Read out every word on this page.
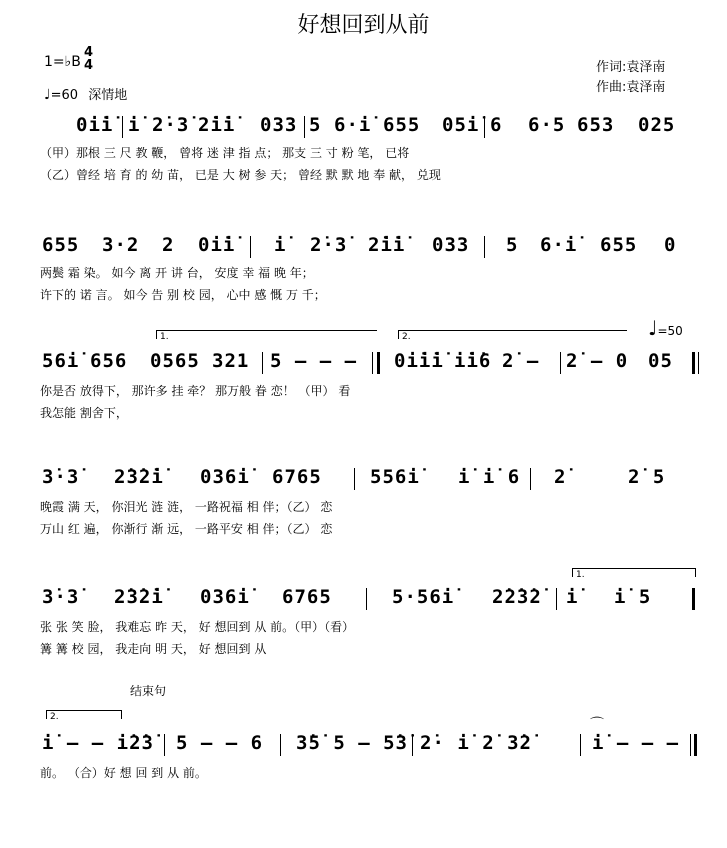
好想回到从前
1=♭B
4
4
♩=60 深情地
作词:袁泽南
作曲:袁泽南
0i̇i̇ i̇ 2̇·3̇ 2̇i̇i̇ 033 5 6·i̇ 655 05i̇ 6 6·5 653 025
（甲）那根 三 尺 教 鞭， 曾将 迷 津 指 点； 那支 三 寸 粉 笔， 已将
（乙）曾经 培 育 的 幼 苗， 已是 大 树 参 天； 曾经 默 默 地 奉 献， 兑现
655 3·2 2 0i̇i̇ i̇ 2̇·3̇ 2̇i̇i̇ 033 5 6·i̇ 655 0
两鬓 霜 染。 如今 离 开 讲 台， 安度 幸 福 晚 年；
许下的 诺 言。 如今 告 别 校 园， 心中 感 慨 万 千；
1.	2.	♩=50
56i̇ 656 0565 321 5 – – – 0i̇i̇i̇ i̇i̇6 2̇ – 2̇ – 0 05
你是否 放得下， 那许多 挂 牵？ 那万般 眷 恋！ （甲） 看
我怎能 割舍下，
3̇·3̇ 2̇3̇2̇i̇ 036i̇ 6765	556i̇ i̇ i̇ 6 2̇	2̇ 5
晚霞 满 天， 你泪光 涟 涟， 一路祝福 相 伴；（乙） 恋
万山 红 遍， 你渐行 渐 远， 一路平安 相 伴；（乙） 恋
1.
3̇·3̇ 2̇3̇2̇i̇ 036i̇ 6765	5·56i̇ 2̇2̇3̇2̇ i̇ i̇ 5
张 张 笑 脸， 我难忘 昨 天， 好 想回到 从 前。（甲）（看）
篝 篝 校 园， 我走向 明 天， 好 想回到 从
结束句
2.
i̇ – – i̇2̇3̇ 5 – – 6 3̇5̇ 5 – 5̇3̇ 2̇· i̇ 2̇ 3̇2̇
⌒
i̇ – – –
前。 （合）好 想 回 到 从 前。
